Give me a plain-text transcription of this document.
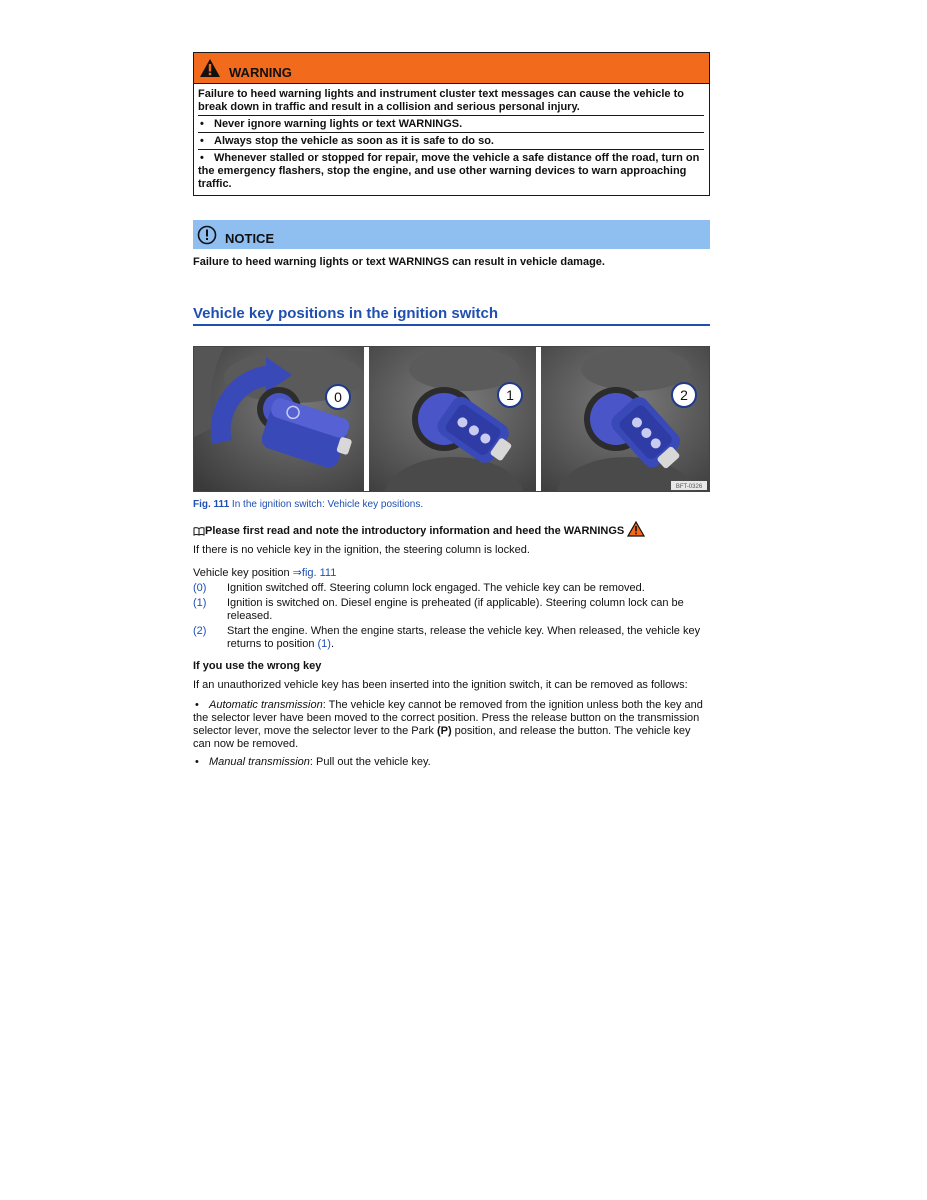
WARNING
Failure to heed warning lights and instrument cluster text messages can cause the vehicle to break down in traffic and result in a collision and serious personal injury.
• Never ignore warning lights or text WARNINGS.
• Always stop the vehicle as soon as it is safe to do so.
• Whenever stalled or stopped for repair, move the vehicle a safe distance off the road, turn on the emergency flashers, stop the engine, and use other warning devices to warn approaching traffic.
NOTICE
Failure to heed warning lights or text WARNINGS can result in vehicle damage.
Vehicle key positions in the ignition switch
0	1	2
BFT-0326
Fig. 111 In the ignition switch: Vehicle key positions.
Please first read and note the introductory information and heed the WARNINGS
If there is no vehicle key in the ignition, the steering column is locked.
Vehicle key position ⇒fig. 111
(0)	Ignition switched off. Steering column lock engaged. The vehicle key can be removed.
(1)	Ignition is switched on. Diesel engine is preheated (if applicable). Steering column lock can be released.
(2)	Start the engine. When the engine starts, release the vehicle key. When released, the vehicle key returns to position (1).
If you use the wrong key
If an unauthorized vehicle key has been inserted into the ignition switch, it can be removed as follows:
• Automatic transmission: The vehicle key cannot be removed from the ignition unless both the key and the selector lever have been moved to the correct position. Press the release button on the transmission selector lever, move the selector lever to the Park (P) position, and release the button. The vehicle key can now be removed.
• Manual transmission: Pull out the vehicle key.
